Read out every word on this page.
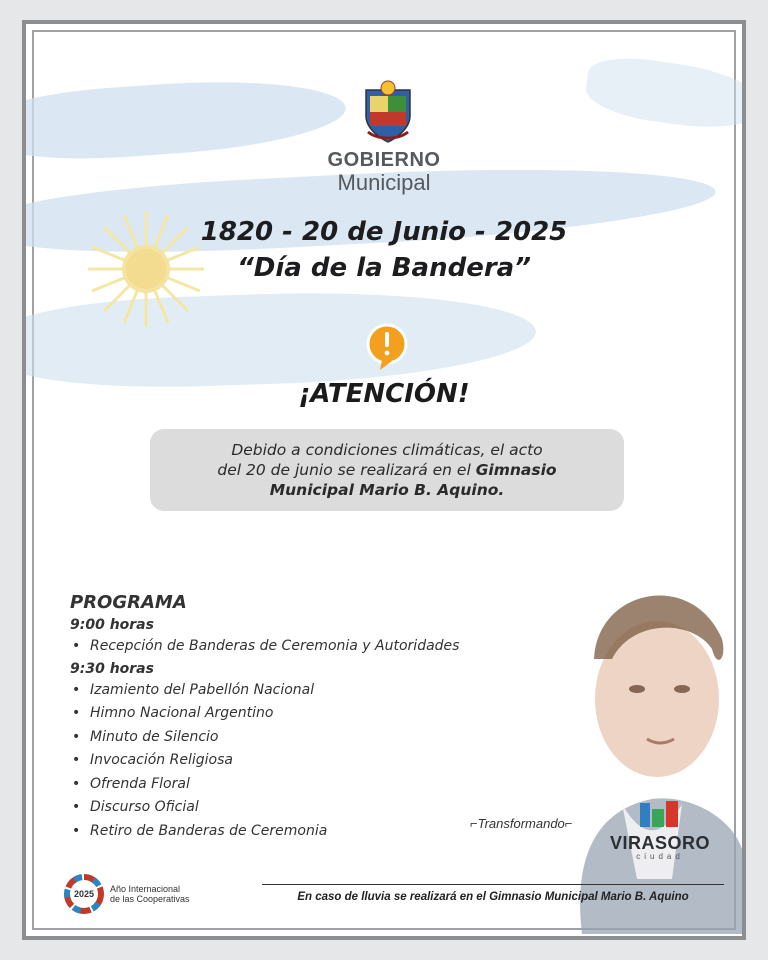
GOBIERNO
Municipal
1820 - 20 de Junio - 2025
“Día de la Bandera”
¡ATENCIÓN!
Debido a condiciones climáticas, el acto
del 20 de junio se realizará en el Gimnasio
Municipal Mario B. Aquino.
PROGRAMA
9:00 horas
• Recepción de Banderas de Ceremonia y Autoridades
9:30 horas
• Izamiento del Pabellón Nacional
• Himno Nacional Argentino
• Minuto de Silencio
• Invocación Religiosa
• Ofrenda Floral
• Discurso Oficial
• Retiro de Banderas de Ceremonia	⌐Transformando⌐
VIRASORO
ciudad
2025 Año Internacional
de las Cooperativas	En caso de lluvia se realizará en el Gimnasio Municipal Mario B. Aquino
